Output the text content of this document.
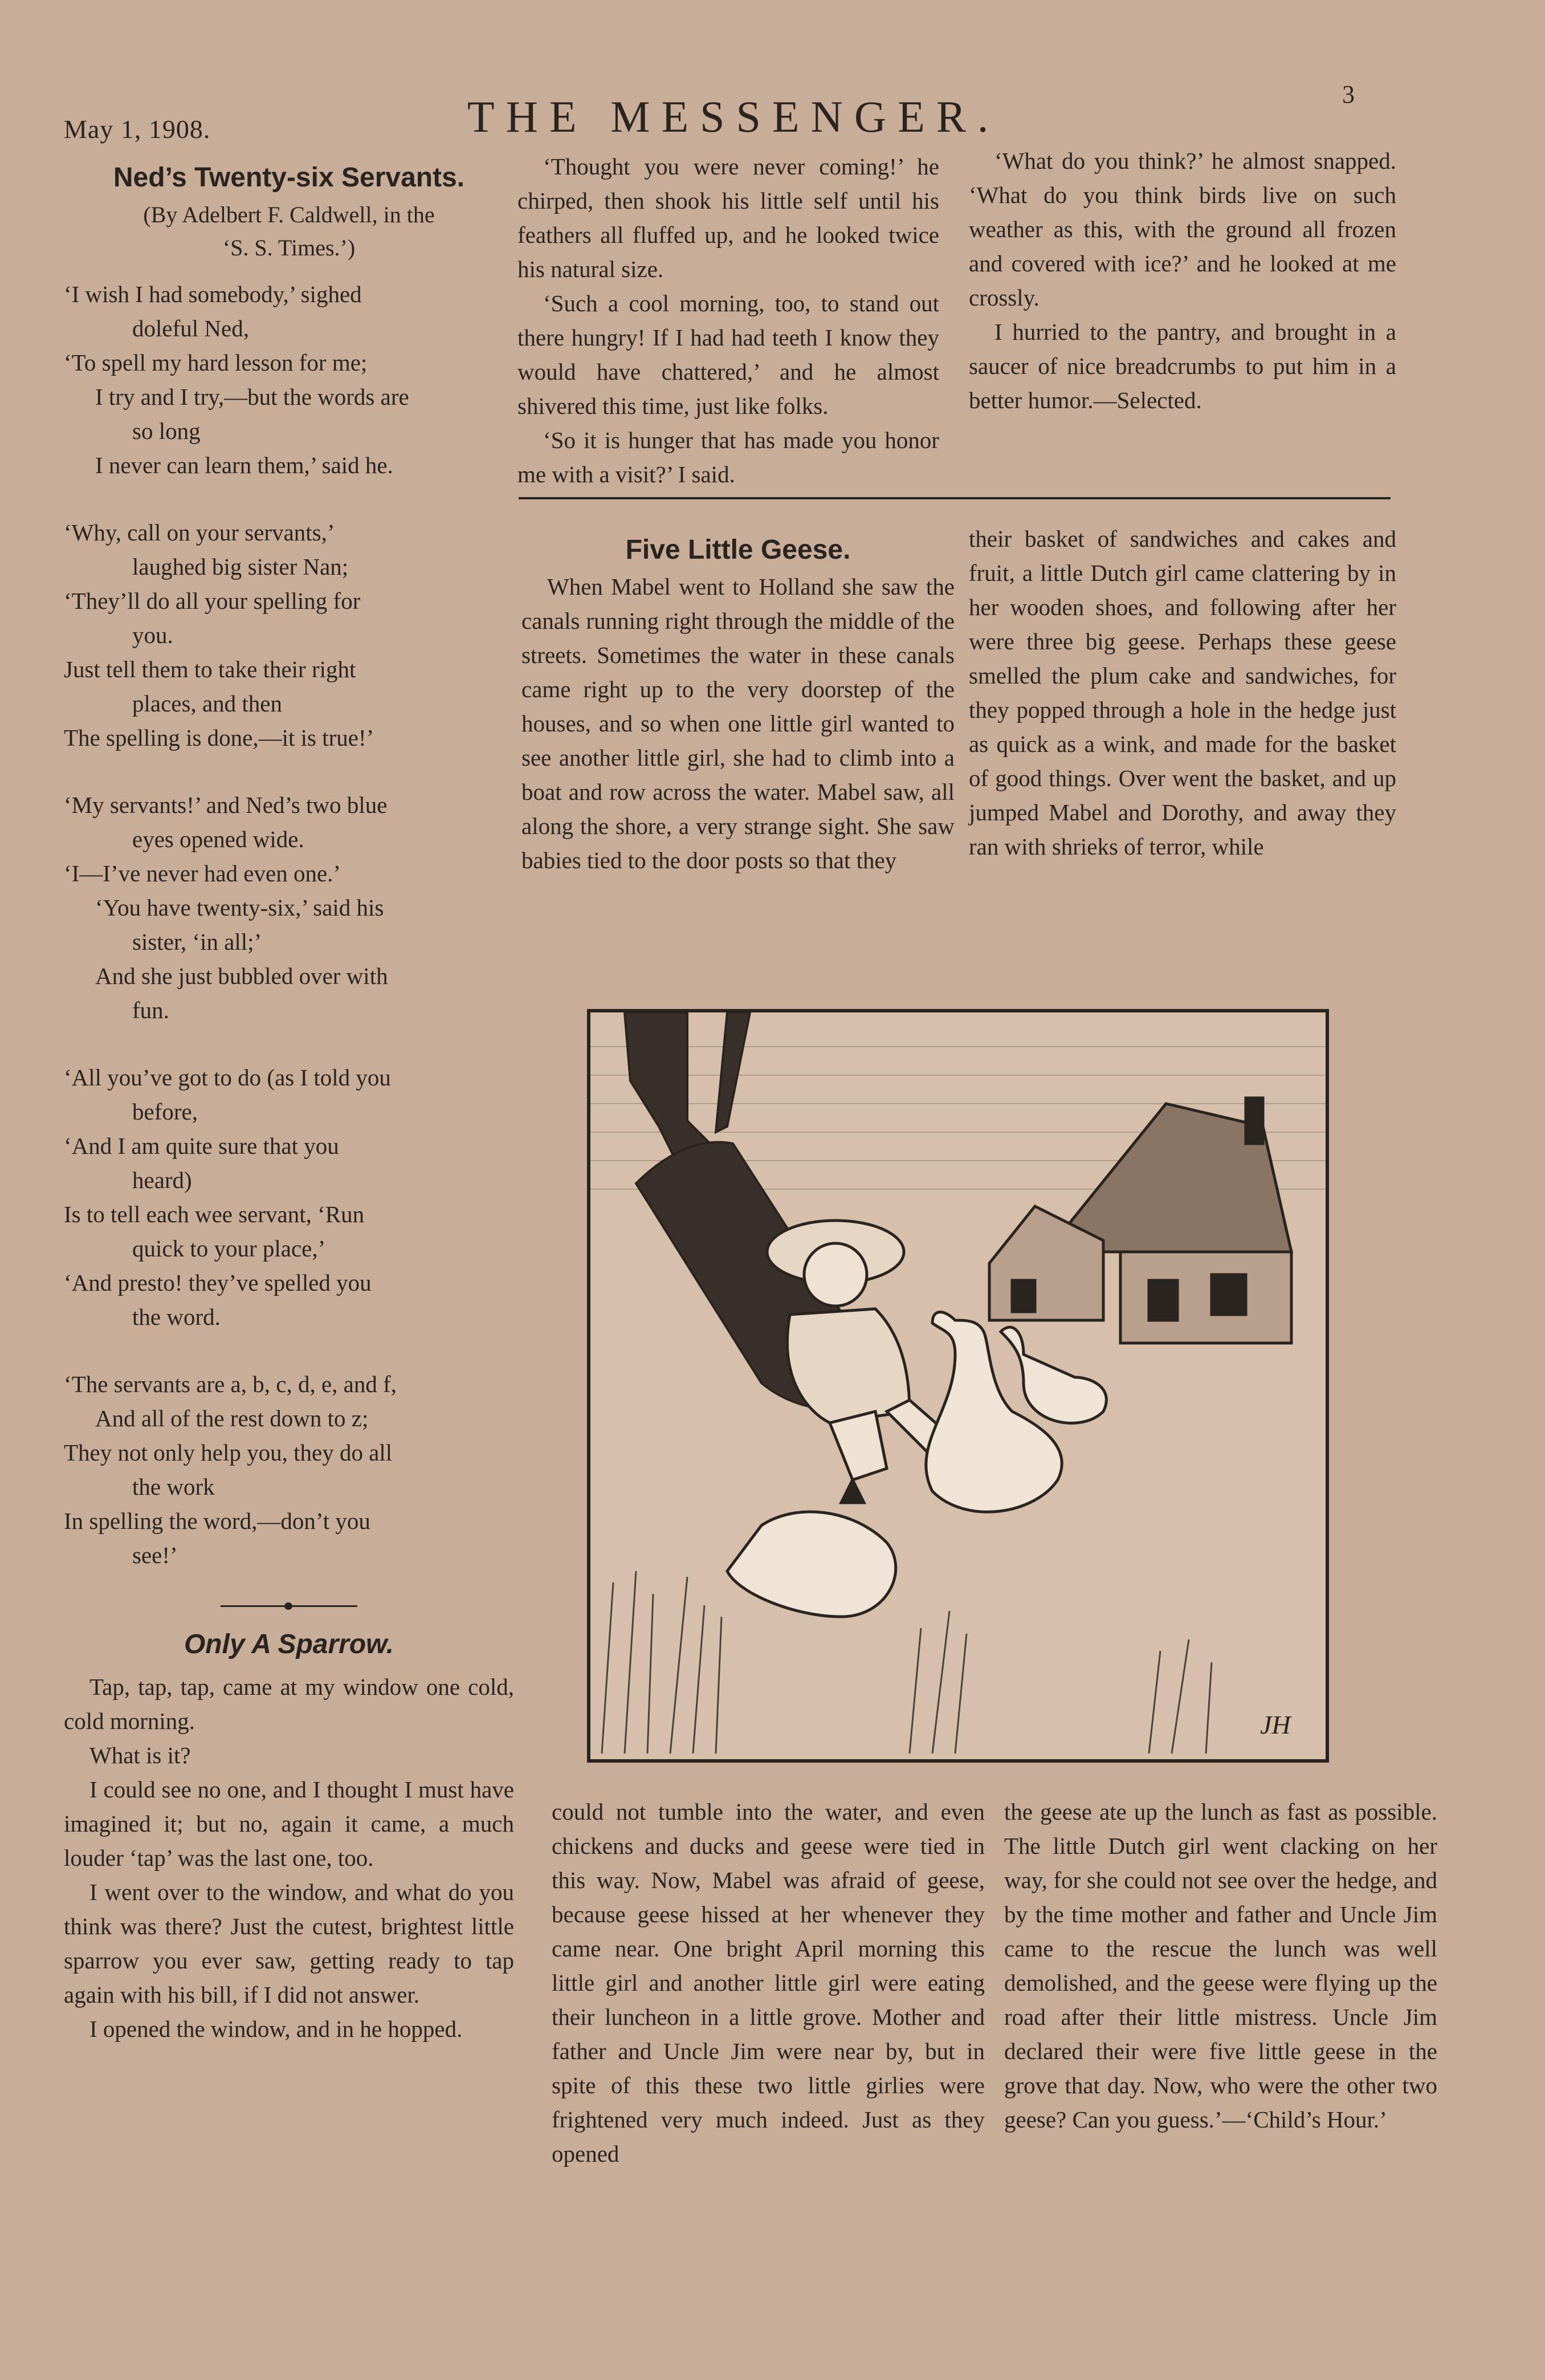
May 1, 1908.	THE MESSENGER.	3
Ned’s Twenty-six Servants.
(By Adelbert F. Caldwell, in the
‘S. S. Times.’)
‘I wish I had somebody,’ sighed
doleful Ned,
‘To spell my hard lesson for me;
I try and I try,—but the words are
so long
I never can learn them,’ said he.
‘Why, call on your servants,’
laughed big sister Nan;
‘They’ll do all your spelling for
you.
Just tell them to take their right
places, and then
The spelling is done,—it is true!’
‘My servants!’ and Ned’s two blue
eyes opened wide.
‘I—I’ve never had even one.’
‘You have twenty-six,’ said his
sister, ‘in all;’
And she just bubbled over with
fun.
‘All you’ve got to do (as I told you
before,
‘And I am quite sure that you
heard)
Is to tell each wee servant, ‘Run
quick to your place,’
‘And presto! they’ve spelled you
the word.
‘The servants are a, b, c, d, e, and f,
And all of the rest down to z;
They not only help you, they do all
the work
In spelling the word,—don’t you
see!’
Only A Sparrow.

Tap, tap, tap, came at my window one cold, cold morning.

What is it?

I could see no one, and I thought I must have imagined it; but no, again it came, a much louder ‘tap’ was the last one, too.

I went over to the window, and what do you think was there? Just the cutest, brightest little sparrow you ever saw, getting ready to tap again with his bill, if I did not answer.

I opened the window, and in he hopped.

‘Thought you were never coming!’ he chirped, then shook his little self until his feathers all fluffed up, and he looked twice his natural size.

‘Such a cool morning, too, to stand out there hungry! If I had had teeth I know they would have chattered,’ and he almost shivered this time, just like folks.

‘So it is hunger that has made you honor me with a visit?’ I said.

‘What do you think?’ he almost snapped. ‘What do you think birds live on such weather as this, with the ground all frozen and covered with ice?’ and he looked at me crossly.

I hurried to the pantry, and brought in a saucer of nice breadcrumbs to put him in a better humor.—Selected.

Five Little Geese.

When Mabel went to Holland she saw the canals running right through the middle of the streets. Sometimes the water in these canals came right up to the very doorstep of the houses, and so when one little girl wanted to see another little girl, she had to climb into a boat and row across the water. Mabel saw, all along the shore, a very strange sight. She saw babies tied to the door posts so that they

their basket of sandwiches and cakes and fruit, a little Dutch girl came clattering by in her wooden shoes, and following after her were three big geese. Perhaps these geese smelled the plum cake and sandwiches, for they popped through a hole in the hedge just as quick as a wink, and made for the basket of good things. Over went the basket, and up jumped Mabel and Dorothy, and away they ran with shrieks of terror, while

JH

could not tumble into the water, and even chickens and ducks and geese were tied in this way. Now, Mabel was afraid of geese, because geese hissed at her whenever they came near. One bright April morning this little girl and another little girl were eating their luncheon in a little grove. Mother and father and Uncle Jim were near by, but in spite of this these two little girlies were frightened very much indeed. Just as they opened

the geese ate up the lunch as fast as possible. The little Dutch girl went clacking on her way, for she could not see over the hedge, and by the time mother and father and Uncle Jim came to the rescue the lunch was well demolished, and the geese were flying up the road after their little mistress. Uncle Jim declared their were five little geese in the grove that day. Now, who were the other two geese? Can you guess.’—‘Child’s Hour.’
